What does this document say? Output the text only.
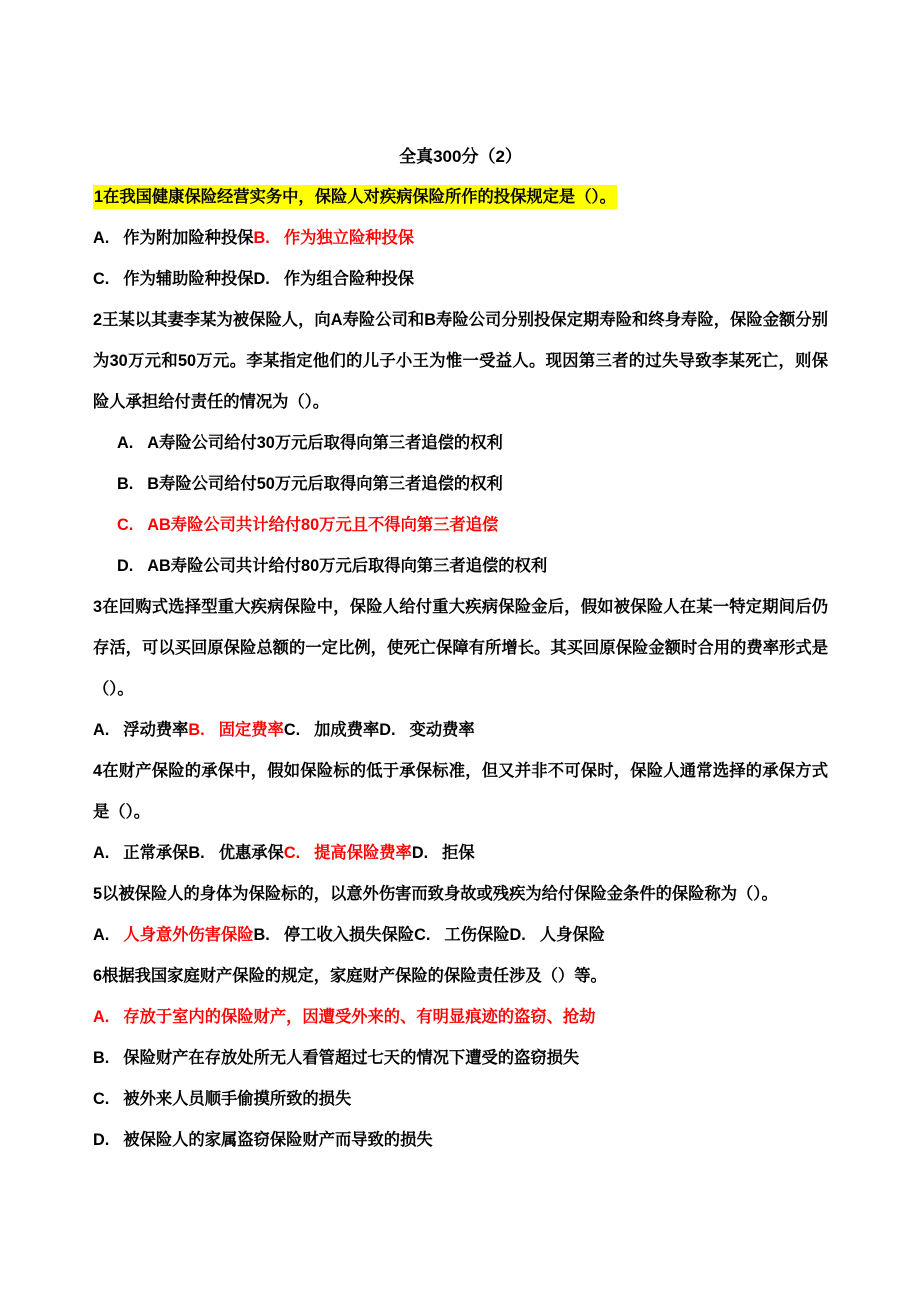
全真300分（2）

1在我国健康保险经营实务中，保险人对疾病保险所作的投保规定是（）。

A. 作为附加险种投保B. 作为独立险种投保

C. 作为辅助险种投保D. 作为组合险种投保

2王某以其妻李某为被保险人，向A寿险公司和B寿险公司分别投保定期寿险和终身寿险，保险金额分别为30万元和50万元。李某指定他们的儿子小王为惟一受益人。现因第三者的过失导致李某死亡，则保险人承担给付责任的情况为（）。

A. A寿险公司给付30万元后取得向第三者追偿的权利

B. B寿险公司给付50万元后取得向第三者追偿的权利

C. AB寿险公司共计给付80万元且不得向第三者追偿

D. AB寿险公司共计给付80万元后取得向第三者追偿的权利

3在回购式选择型重大疾病保险中，保险人给付重大疾病保险金后，假如被保险人在某一特定期间后仍存活，可以买回原保险总额的一定比例，使死亡保障有所增长。其买回原保险金额时合用的费率形式是（）。

A. 浮动费率B. 固定费率C. 加成费率D. 变动费率

4在财产保险的承保中，假如保险标的低于承保标准，但又并非不可保时，保险人通常选择的承保方式是（）。

A. 正常承保B. 优惠承保C. 提高保险费率D. 拒保

5以被保险人的身体为保险标的，以意外伤害而致身故或残疾为给付保险金条件的保险称为（）。

A. 人身意外伤害保险B. 停工收入损失保险C. 工伤保险D. 人身保险

6根据我国家庭财产保险的规定，家庭财产保险的保险责任涉及（）等。

A. 存放于室内的保险财产，因遭受外来的、有明显痕迹的盗窃、抢劫

B. 保险财产在存放处所无人看管超过七天的情况下遭受的盗窃损失

C. 被外来人员顺手偷摸所致的损失

D. 被保险人的家属盗窃保险财产而导致的损失
